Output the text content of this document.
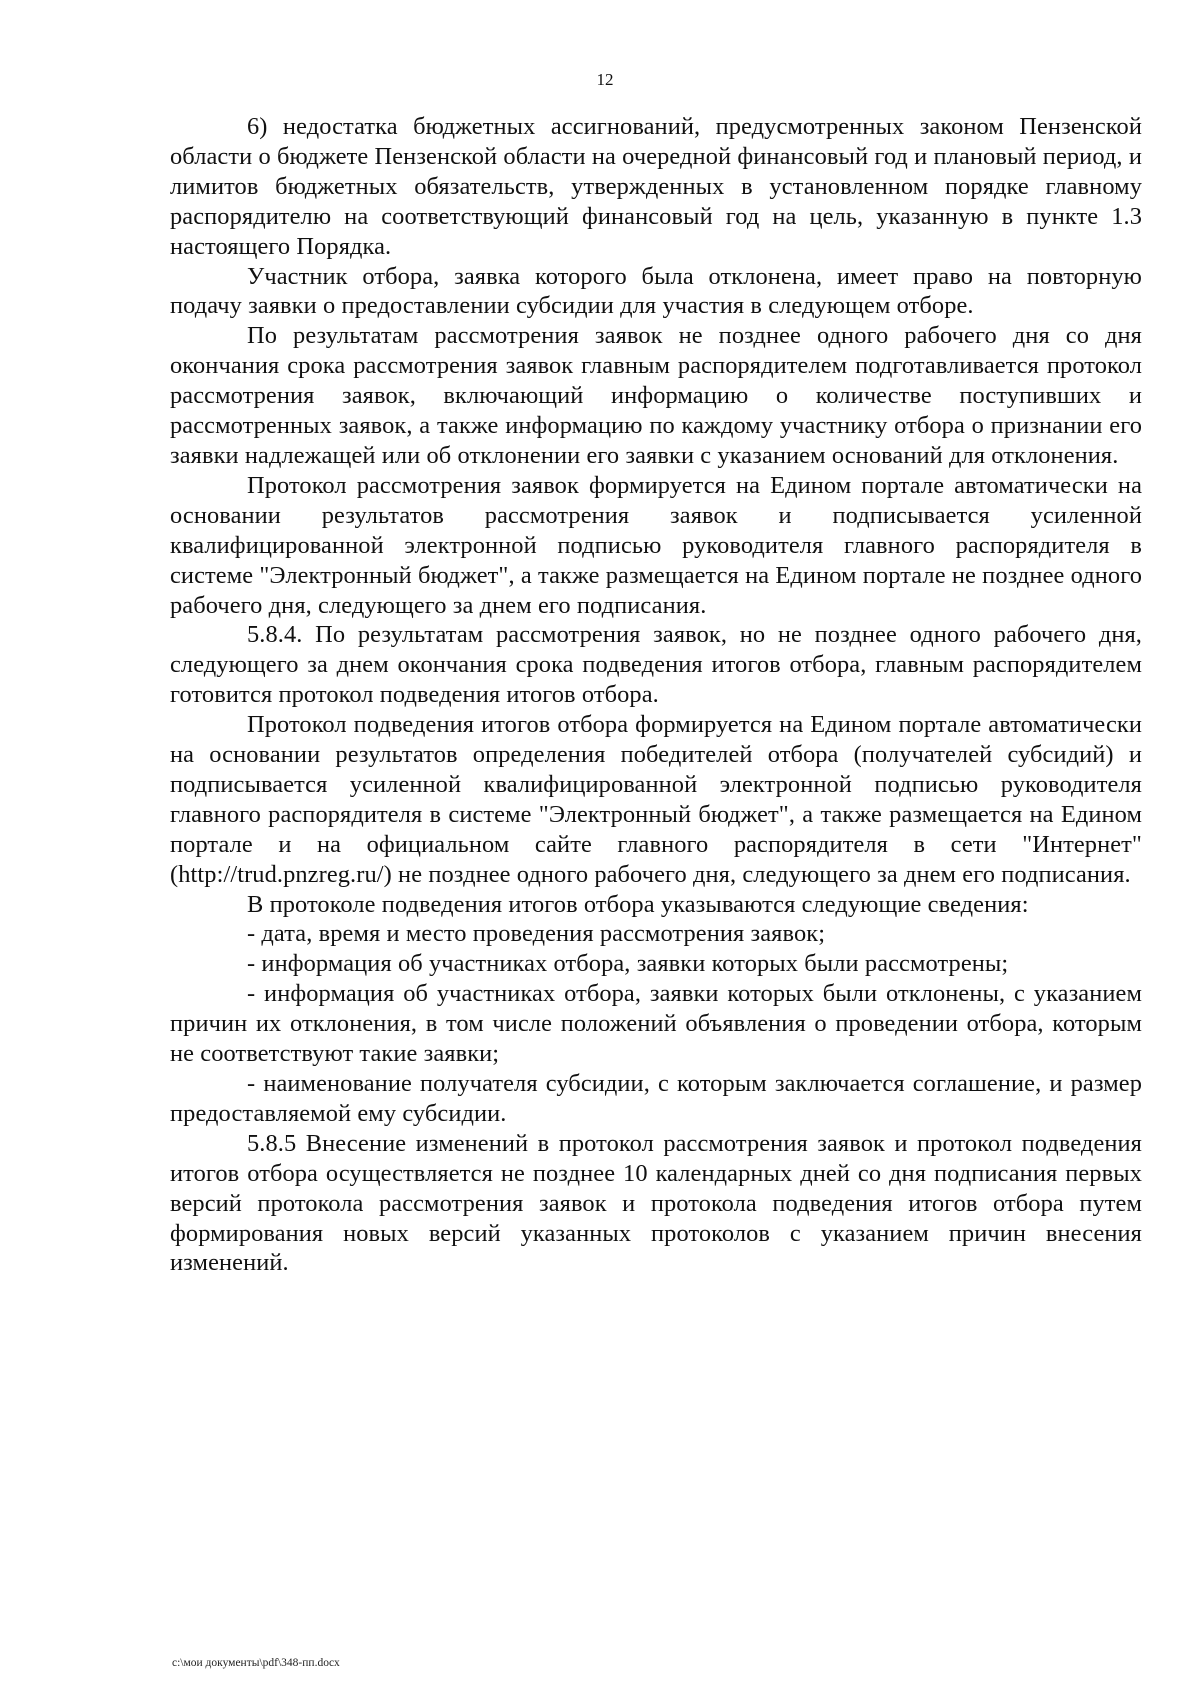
12

6) недостатка бюджетных ассигнований, предусмотренных законом Пензенской области о бюджете Пензенской области на очередной финансовый год и плановый период, и лимитов бюджетных обязательств, утвержденных в установленном порядке главному распорядителю на соответствующий финансовый год на цель, указанную в пункте 1.3 настоящего Порядка.

Участник отбора, заявка которого была отклонена, имеет право на повторную подачу заявки о предоставлении субсидии для участия в следующем отборе.

По результатам рассмотрения заявок не позднее одного рабочего дня со дня окончания срока рассмотрения заявок главным распорядителем подготавливается протокол рассмотрения заявок, включающий информацию о количестве поступивших и рассмотренных заявок, а также информацию по каждому участнику отбора о признании его заявки надлежащей или об отклонении его заявки с указанием оснований для отклонения.

Протокол рассмотрения заявок формируется на Едином портале автоматически на основании результатов рассмотрения заявок и подписывается усиленной квалифицированной электронной подписью руководителя главного распорядителя в системе "Электронный бюджет", а также размещается на Едином портале не позднее одного рабочего дня, следующего за днем его подписания.

5.8.4. По результатам рассмотрения заявок, но не позднее одного рабочего дня, следующего за днем окончания срока подведения итогов отбора, главным распорядителем готовится протокол подведения итогов отбора.

Протокол подведения итогов отбора формируется на Едином портале автоматически на основании результатов определения победителей отбора (получателей субсидий) и подписывается усиленной квалифицированной электронной подписью руководителя главного распорядителя в системе "Электронный бюджет", а также размещается на Едином портале и на официальном сайте главного распорядителя в сети "Интернет" (http://trud.pnzreg.ru/) не позднее одного рабочего дня, следующего за днем его подписания.

В протоколе подведения итогов отбора указываются следующие сведения:

- дата, время и место проведения рассмотрения заявок;

- информация об участниках отбора, заявки которых были рассмотрены;

- информация об участниках отбора, заявки которых были отклонены, с указанием причин их отклонения, в том числе положений объявления о проведении отбора, которым не соответствуют такие заявки;

- наименование получателя субсидии, с которым заключается соглашение, и размер предоставляемой ему субсидии.

5.8.5 Внесение изменений в протокол рассмотрения заявок и протокол подведения итогов отбора осуществляется не позднее 10 календарных дней со дня подписания первых версий протокола рассмотрения заявок и протокола подведения итогов отбора путем формирования новых версий указанных протоколов с указанием причин внесения изменений.

c:\мои документы\pdf\348-пп.docx
